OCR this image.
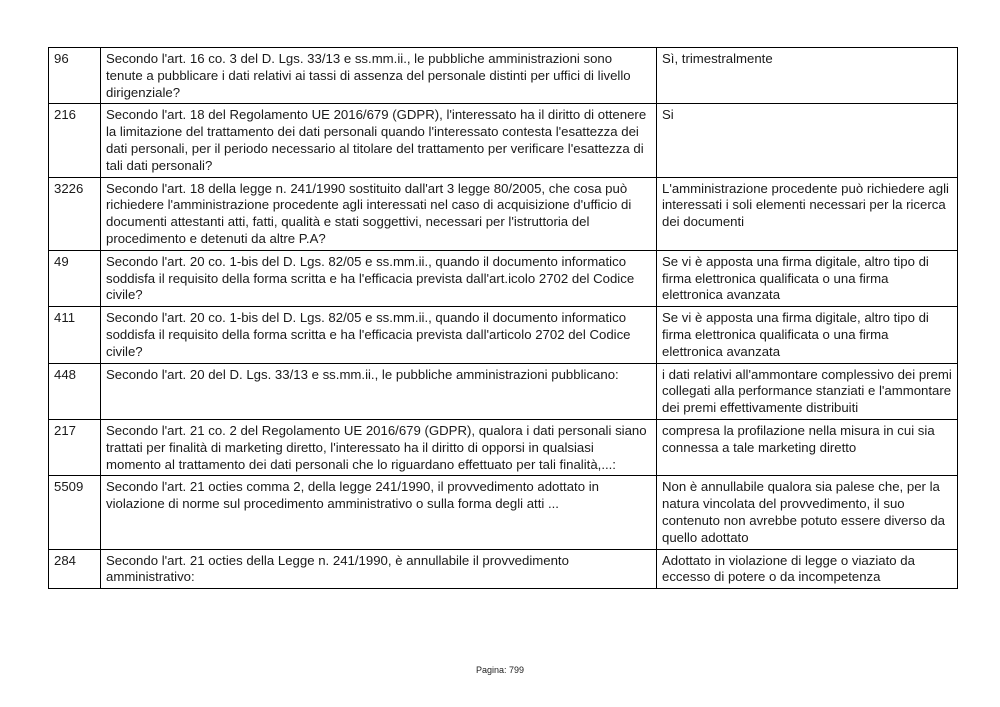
96	Secondo l'art. 16 co. 3 del D. Lgs. 33/13 e ss.mm.ii., le pubbliche amministrazioni sono tenute a pubblicare i dati relativi ai tassi di assenza del personale distinti per uffici di livello dirigenziale?	Sì, trimestralmente
216	Secondo l'art. 18 del Regolamento UE 2016/679 (GDPR), l'interessato ha il diritto di ottenere la limitazione del trattamento dei dati personali quando l'interessato contesta l'esattezza dei dati personali, per il periodo necessario al titolare del trattamento per verificare l'esattezza di tali dati personali?	Si
3226	Secondo l'art. 18 della legge n. 241/1990 sostituito dall'art 3 legge 80/2005, che cosa può richiedere l'amministrazione procedente agli interessati nel caso di acquisizione d'ufficio di documenti attestanti atti, fatti, qualità e stati soggettivi, necessari per l'istruttoria del procedimento e detenuti da altre P.A?	L'amministrazione procedente può richiedere agli interessati i soli elementi necessari per la ricerca dei documenti
49	Secondo l'art. 20 co. 1-bis del D. Lgs. 82/05 e ss.mm.ii., quando il documento informatico soddisfa il requisito della forma scritta e ha l'efficacia prevista dall'art.icolo 2702 del Codice civile?	Se vi è apposta una firma digitale, altro tipo di firma elettronica qualificata o una firma elettronica avanzata
411	Secondo l'art. 20 co. 1-bis del D. Lgs. 82/05 e ss.mm.ii., quando il documento informatico soddisfa il requisito della forma scritta e ha l'efficacia prevista dall'articolo 2702 del Codice civile?	Se vi è apposta una firma digitale, altro tipo di firma elettronica qualificata o una firma elettronica avanzata
448	Secondo l'art. 20 del D. Lgs. 33/13 e ss.mm.ii., le pubbliche amministrazioni pubblicano:	i dati relativi all'ammontare complessivo dei premi collegati alla performance stanziati e l'ammontare dei premi effettivamente distribuiti
217	Secondo l'art. 21 co. 2 del Regolamento UE 2016/679 (GDPR), qualora i dati personali siano trattati per finalità di marketing diretto, l'interessato ha il diritto di opporsi in qualsiasi momento al trattamento dei dati personali che lo riguardano effettuato per tali finalità,...:	compresa la profilazione nella misura in cui sia connessa a tale marketing diretto
5509	Secondo l'art. 21 octies comma 2, della legge 241/1990, il provvedimento adottato in violazione di norme sul procedimento amministrativo o sulla forma degli atti ...	Non è annullabile qualora sia palese che, per la natura vincolata del provvedimento, il suo contenuto non avrebbe potuto essere diverso da quello adottato
284	Secondo l'art. 21 octies della Legge n. 241/1990, è annullabile il provvedimento amministrativo:	Adottato in violazione di legge o viaziato da eccesso di potere o da incompetenza
Pagina: 799
